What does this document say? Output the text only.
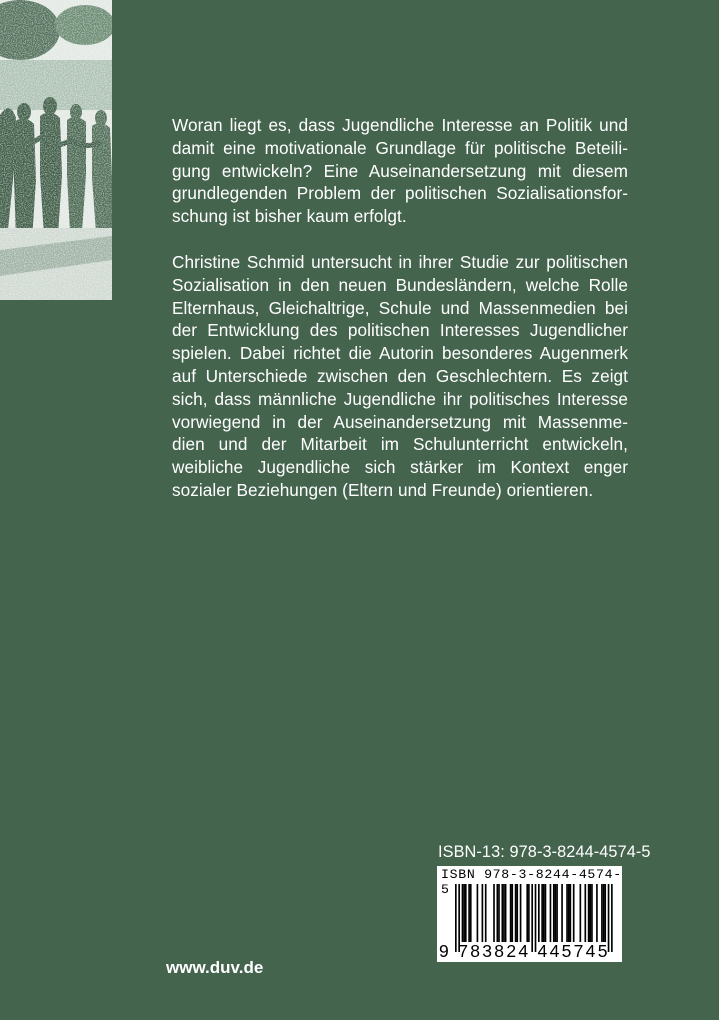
Woran liegt es, dass Jugendliche Interesse an Politik und
damit eine motivationale Grundlage für politische Beteili-
gung entwickeln? Eine Auseinandersetzung mit diesem
grundlegenden Problem der politischen Sozialisationsfor-
schung ist bisher kaum erfolgt.
Christine Schmid untersucht in ihrer Studie zur politischen
Sozialisation in den neuen Bundesländern, welche Rolle
Elternhaus, Gleichaltrige, Schule und Massenmedien bei
der Entwicklung des politischen Interesses Jugendlicher
spielen. Dabei richtet die Autorin besonderes Augenmerk
auf Unterschiede zwischen den Geschlechtern. Es zeigt
sich, dass männliche Jugendliche ihr politisches Interesse
vorwiegend in der Auseinandersetzung mit Massenme-
dien und der Mitarbeit im Schulunterricht entwickeln,
weibliche Jugendliche sich stärker im Kontext enger
sozialer Beziehungen (Eltern und Freunde) orientieren.
ISBN-13: 978-3-8244-4574-5
ISBN 978-3-8244-4574-5
9 783824 445745
www.duv.de
